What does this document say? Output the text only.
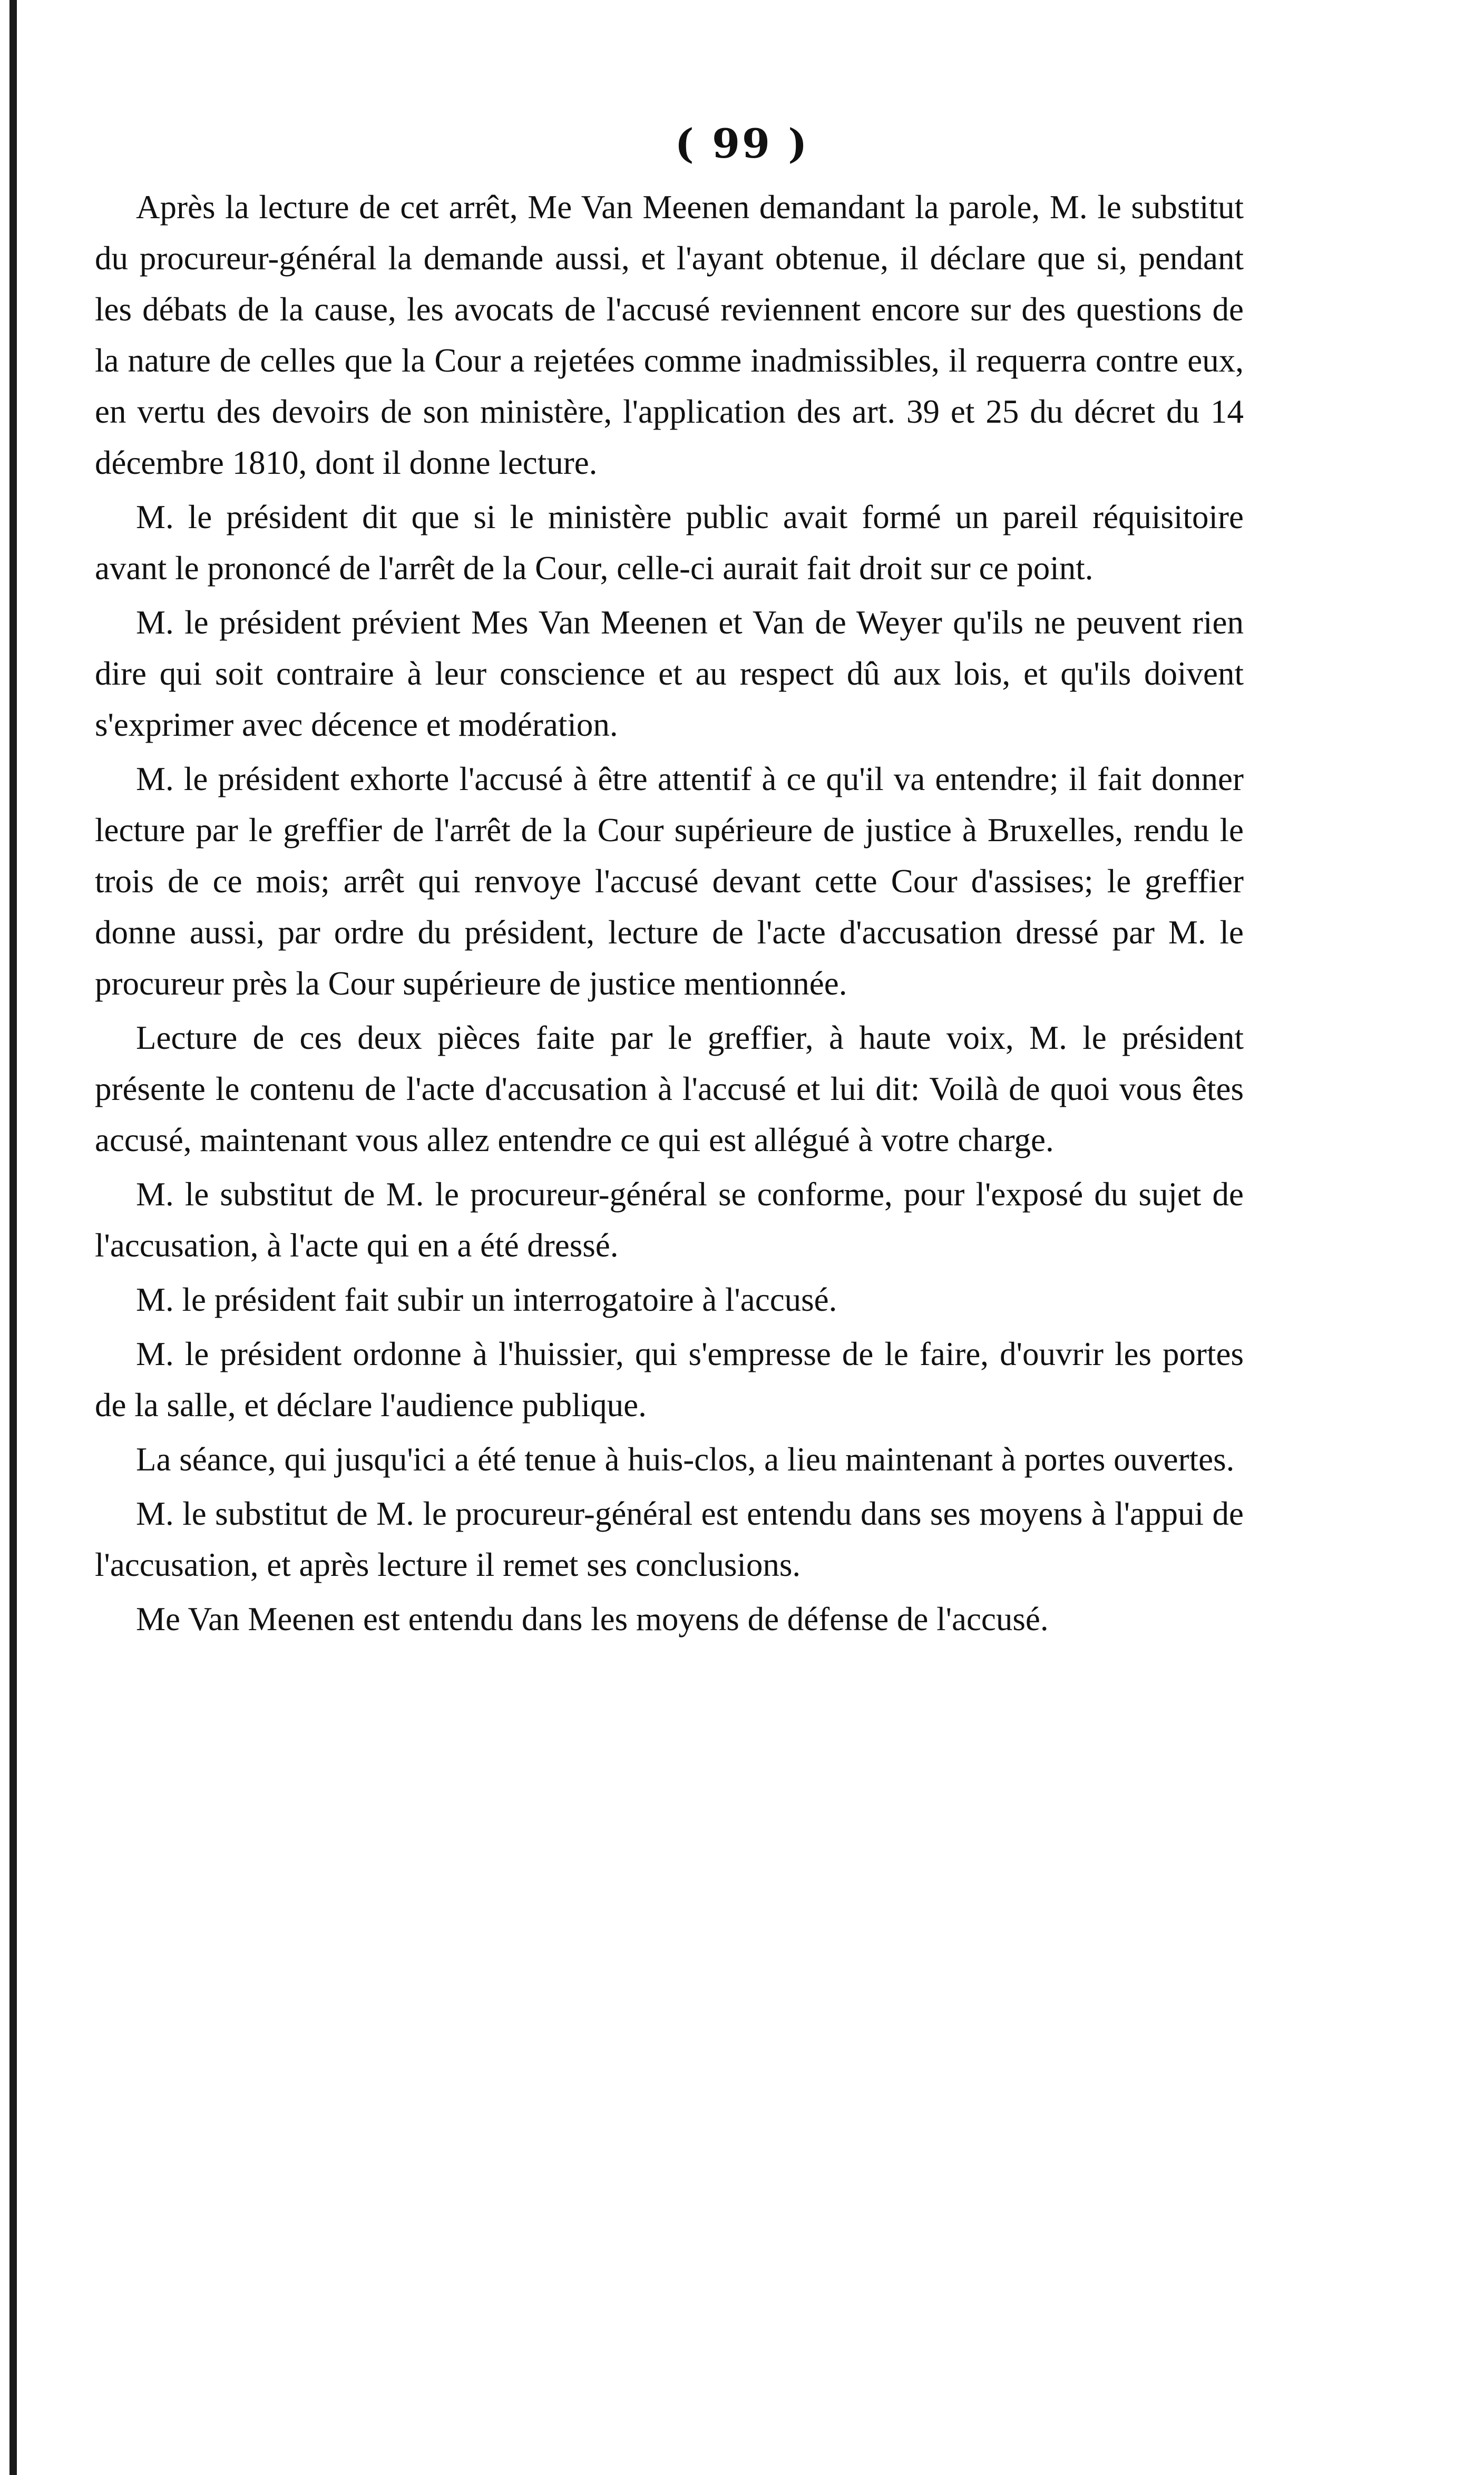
( 99 )

Après la lecture de cet arrêt, Me Van Meenen demandant la parole, M. le substitut du procureur-général la demande aussi, et l'ayant obtenue, il déclare que si, pendant les débats de la cause, les avocats de l'accusé reviennent encore sur des questions de la nature de celles que la Cour a rejetées comme inadmissibles, il requerra contre eux, en vertu des devoirs de son ministère, l'application des art. 39 et 25 du décret du 14 décembre 1810, dont il donne lecture.

M. le président dit que si le ministère public avait formé un pareil réquisitoire avant le prononcé de l'arrêt de la Cour, celle-ci aurait fait droit sur ce point.

M. le président prévient Mes Van Meenen et Van de Weyer qu'ils ne peuvent rien dire qui soit contraire à leur conscience et au respect dû aux lois, et qu'ils doivent s'exprimer avec décence et modération.

M. le président exhorte l'accusé à être attentif à ce qu'il va entendre; il fait donner lecture par le greffier de l'arrêt de la Cour supérieure de justice à Bruxelles, rendu le trois de ce mois; arrêt qui renvoye l'accusé devant cette Cour d'assises; le greffier donne aussi, par ordre du président, lecture de l'acte d'accusation dressé par M. le procureur près la Cour supérieure de justice mentionnée.

Lecture de ces deux pièces faite par le greffier, à haute voix, M. le président présente le contenu de l'acte d'accusation à l'accusé et lui dit: Voilà de quoi vous êtes accusé, maintenant vous allez entendre ce qui est allégué à votre charge.

M. le substitut de M. le procureur-général se conforme, pour l'exposé du sujet de l'accusation, à l'acte qui en a été dressé.

M. le président fait subir un interrogatoire à l'accusé.

M. le président ordonne à l'huissier, qui s'empresse de le faire, d'ouvrir les portes de la salle, et déclare l'audience publique.

La séance, qui jusqu'ici a été tenue à huis-clos, a lieu maintenant à portes ouvertes.

M. le substitut de M. le procureur-général est entendu dans ses moyens à l'appui de l'accusation, et après lecture il remet ses conclusions.

Me Van Meenen est entendu dans les moyens de défense de l'accusé.
